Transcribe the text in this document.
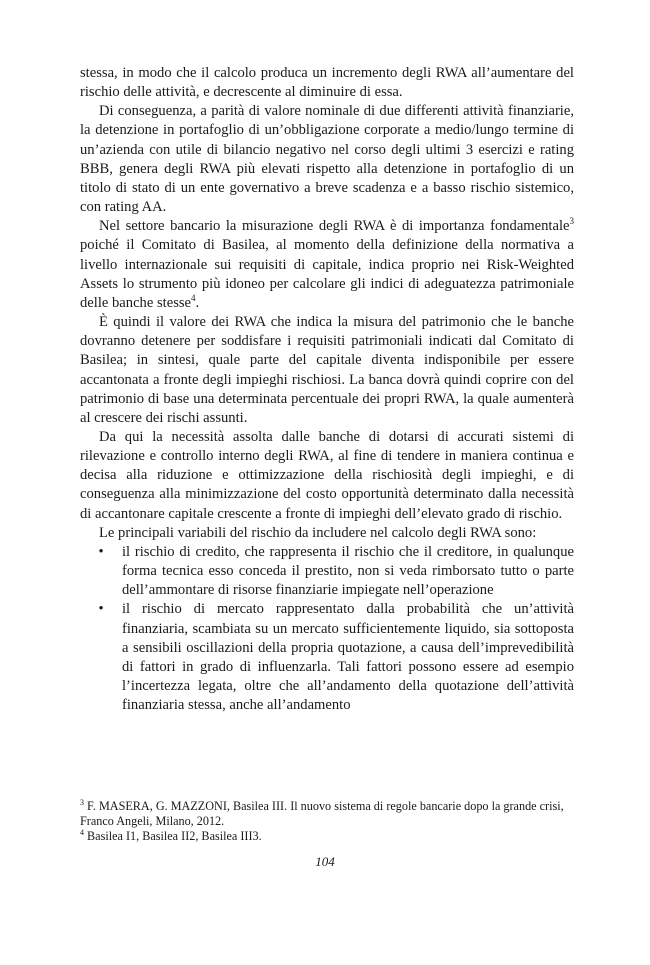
stessa, in modo che il calcolo produca un incremento degli RWA all’aumentare del rischio delle attività, e decrescente al diminuire di essa.

Di conseguenza, a parità di valore nominale di due differenti attività finanziarie, la detenzione in portafoglio di un’obbligazione corporate a medio/lungo termine di un’azienda con utile di bilancio negativo nel corso degli ultimi 3 esercizi e rating BBB, genera degli RWA più elevati rispetto alla detenzione in portafoglio di un titolo di stato di un ente governativo a breve scadenza e a basso rischio sistemico, con rating AA.

Nel settore bancario la misurazione degli RWA è di importanza fondamentale$^3$ poiché il Comitato di Basilea, al momento della definizione della normativa a livello internazionale sui requisiti di capitale, indica proprio nei Risk-Weighted Assets lo strumento più idoneo per calcolare gli indici di adeguatezza patrimoniale delle banche stesse$^4$.

È quindi il valore dei RWA che indica la misura del patrimonio che le banche dovranno detenere per soddisfare i requisiti patrimoniali indicati dal Comitato di Basilea; in sintesi, quale parte del capitale diventa indisponibile per essere accantonata a fronte degli impieghi rischiosi. La banca dovrà quindi coprire con del patrimonio di base una determinata percentuale dei propri RWA, la quale aumenterà al crescere dei rischi assunti.

Da qui la necessità assolta dalle banche di dotarsi di accurati sistemi di rilevazione e controllo interno degli RWA, al fine di tendere in maniera continua e decisa alla riduzione e ottimizzazione della rischiosità degli impieghi, e di conseguenza alla minimizzazione del costo opportunità determinato dalla necessità di accantonare capitale crescente a fronte di impieghi dell’elevato grado di rischio.

Le principali variabili del rischio da includere nel calcolo degli RWA sono:

• il rischio di credito, che rappresenta il rischio che il creditore, in qualunque forma tecnica esso conceda il prestito, non si veda rimborsato tutto o parte dell’ammontare di risorse finanziarie impiegate nell’operazione
• il rischio di mercato rappresentato dalla probabilità che un’attività finanziaria, scambiata su un mercato sufficientemente liquido, sia sottoposta a sensibili oscillazioni della propria quotazione, a causa dell’imprevedibilità di fattori in grado di influenzarla. Tali fattori possono essere ad esempio l’incertezza legata, oltre che all’andamento della quotazione dell’attività finanziaria stessa, anche all’andamento

$^3$ F. MASERA, G. MAZZONI, Basilea III. Il nuovo sistema di regole bancarie dopo la grande crisi, Franco Angeli, Milano, 2012.

$^4$ Basilea I1, Basilea II2, Basilea III3.

104
